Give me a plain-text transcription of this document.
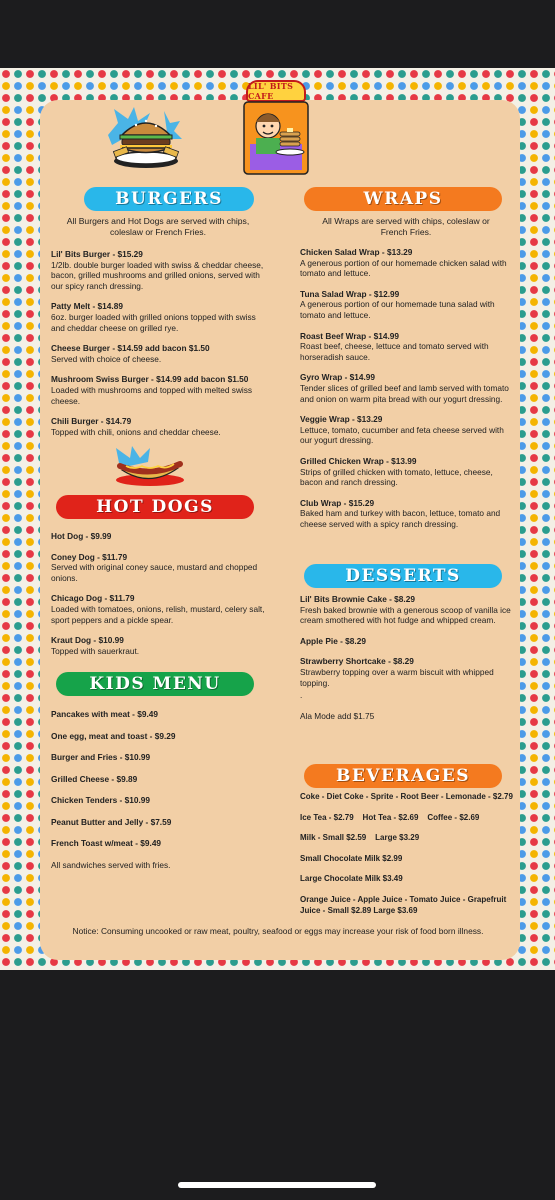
LIL' BITS CAFE
BURGERS	WRAPS
HOT DOGS
DESSERTS
KIDS MENU
BEVERAGES
All Burgers and Hot Dogs are served with chips, coleslaw or French Fries.
All Wraps are served with chips, coleslaw or French Fries.
Lil' Bits Burger - $15.29
1/2lb. double burger loaded with swiss & cheddar cheese, bacon, grilled mushrooms and grilled onions, served with our spicy ranch dressing.
Patty Melt - $14.89
6oz. burger loaded with grilled onions topped with swiss and cheddar cheese on grilled rye.
Cheese Burger - $14.59 add bacon $1.50
Served with choice of cheese.
Mushroom Swiss Burger - $14.99 add bacon $1.50
Loaded with mushrooms and topped with melted swiss cheese.
Chili Burger - $14.79
Topped with chili, onions and cheddar cheese.
Hot Dog - $9.99
Coney Dog - $11.79
Served with original coney sauce, mustard and chopped onions.
Chicago Dog - $11.79
Loaded with tomatoes, onions, relish, mustard, celery salt, sport peppers and a pickle spear.
Kraut Dog - $10.99
Topped with sauerkraut.
Pancakes with meat - $9.49
One egg, meat and toast - $9.29
Burger and Fries - $10.99
Grilled Cheese - $9.89
Chicken Tenders - $10.99
Peanut Butter and Jelly - $7.59
French Toast w/meat - $9.49
All sandwiches served with fries.
Chicken Salad Wrap - $13.29
A generous portion of our homemade chicken salad with tomato and lettuce.
Tuna Salad Wrap - $12.99
A generous portion of our homemade tuna salad with tomato and lettuce.
Roast Beef Wrap - $14.99
Roast beef, cheese, lettuce and tomato served with horseradish sauce.
Gyro Wrap - $14.99
Tender slices of grilled beef and lamb served with tomato and onion on warm pita bread with our yogurt dressing.
Veggie Wrap - $13.29
Lettuce, tomato, cucumber and feta cheese served with our yogurt dressing.
Grilled Chicken Wrap - $13.99
Strips of grilled chicken with tomato, lettuce, cheese, bacon and ranch dressing.
Club Wrap - $15.29
Baked ham and turkey with bacon, lettuce, tomato and cheese served with a spicy ranch dressing.
Lil' Bits Brownie Cake - $8.29
Fresh baked brownie with a generous scoop of vanilla ice cream smothered with hot fudge and whipped cream.
Apple Pie - $8.29
Strawberry Shortcake - $8.29
Strawberry topping over a warm biscuit with whipped topping.
.
Ala Mode add $1.75
Coke - Diet Coke - Sprite - Root Beer - Lemonade - $2.79
Ice Tea - $2.79    Hot Tea - $2.69    Coffee - $2.69
Milk - Small $2.59    Large $3.29
Small Chocolate Milk $2.99
Large Chocolate Milk $3.49
Orange Juice - Apple Juice - Tomato Juice - Grapefruit Juice - Small $2.89 Large $3.69
Notice: Consuming uncooked or raw meat, poultry, seafood or eggs may increase your risk of food born illness.
